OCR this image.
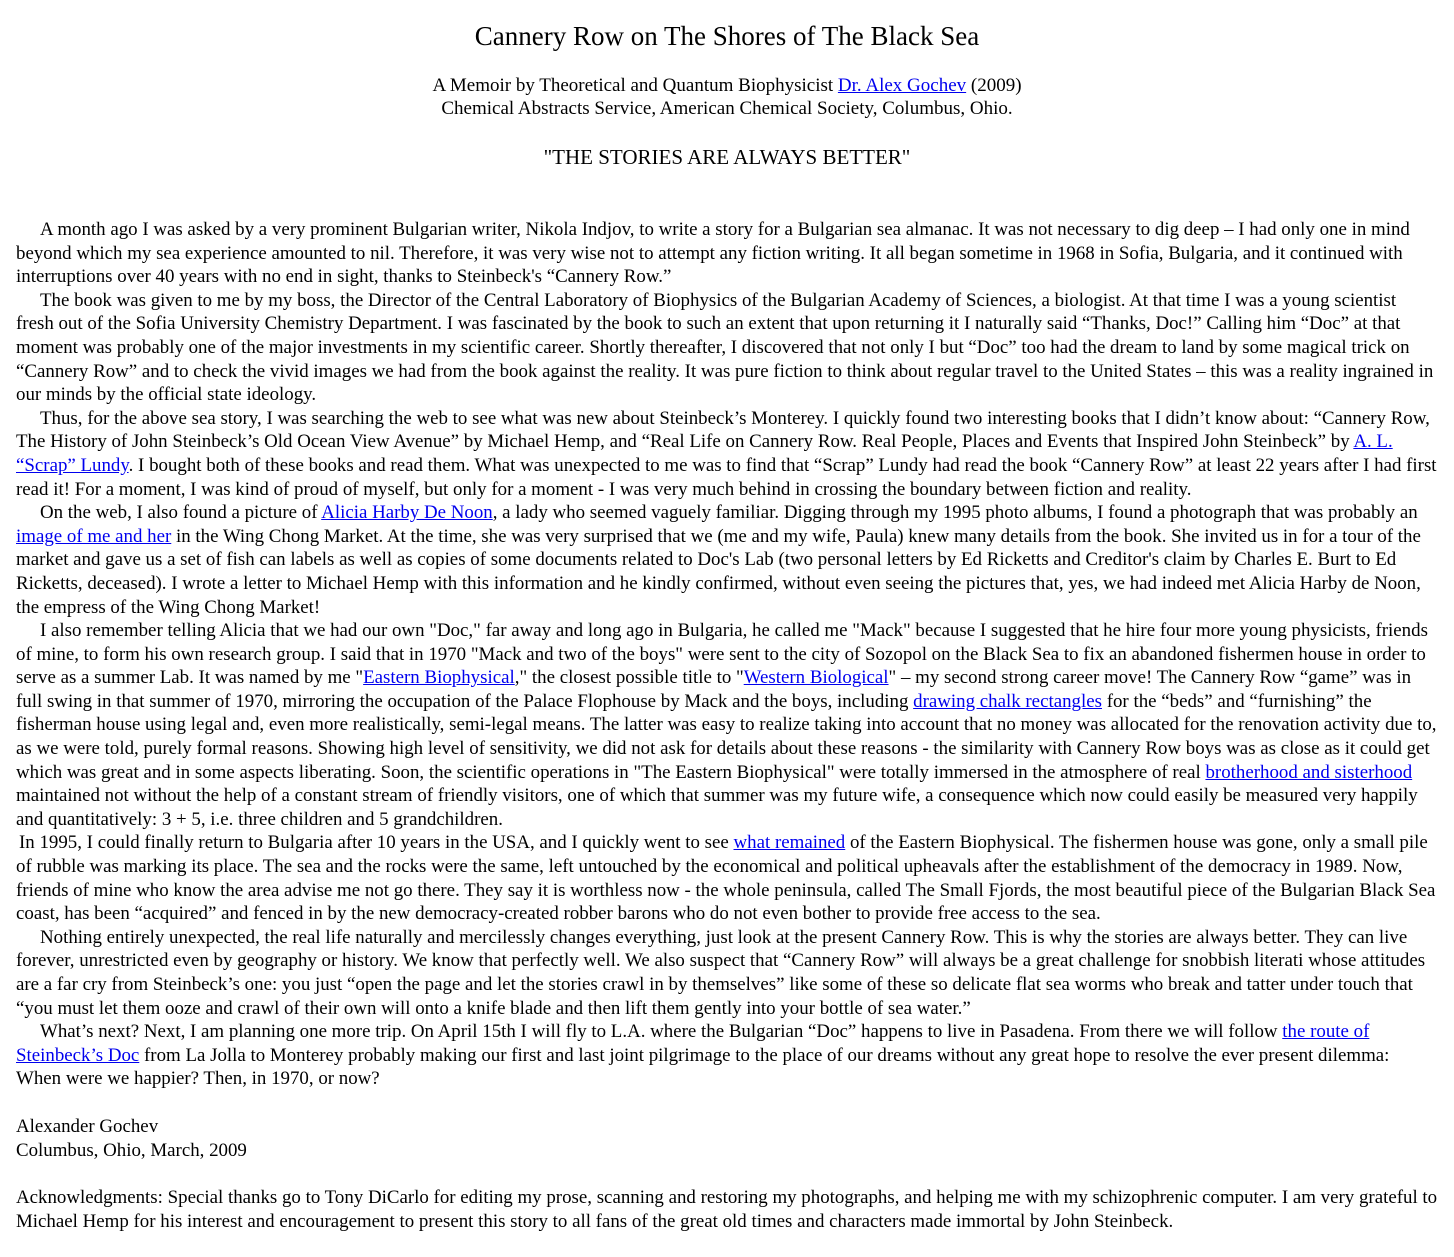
Cannery Row on The Shores of The Black Sea
A Memoir by Theoretical and Quantum Biophysicist Dr. Alex Gochev (2009)
Chemical Abstracts Service, American Chemical Society, Columbus, Ohio.
"THE STORIES ARE ALWAYS BETTER"

A month ago I was asked by a very prominent Bulgarian writer, Nikola Indjov, to write a story for a Bulgarian sea almanac. It was not necessary to dig deep – I had only one in mind beyond which my sea experience amounted to nil. Therefore, it was very wise not to attempt any fiction writing. It all began sometime in 1968 in Sofia, Bulgaria, and it continued with interruptions over 40 years with no end in sight, thanks to Steinbeck's “Cannery Row.”

The book was given to me by my boss, the Director of the Central Laboratory of Biophysics of the Bulgarian Academy of Sciences, a biologist. At that time I was a young scientist fresh out of the Sofia University Chemistry Department. I was fascinated by the book to such an extent that upon returning it I naturally said “Thanks, Doc!” Calling him “Doc” at that moment was probably one of the major investments in my scientific career. Shortly thereafter, I discovered that not only I but “Doc” too had the dream to land by some magical trick on “Cannery Row” and to check the vivid images we had from the book against the reality. It was pure fiction to think about regular travel to the United States – this was a reality ingrained in our minds by the official state ideology.

Thus, for the above sea story, I was searching the web to see what was new about Steinbeck’s Monterey. I quickly found two interesting books that I didn’t know about: “Cannery Row, The History of John Steinbeck’s Old Ocean View Avenue” by Michael Hemp, and “Real Life on Cannery Row. Real People, Places and Events that Inspired John Steinbeck” by A. L. “Scrap” Lundy. I bought both of these books and read them. What was unexpected to me was to find that “Scrap” Lundy had read the book “Cannery Row” at least 22 years after I had first read it! For a moment, I was kind of proud of myself, but only for a moment - I was very much behind in crossing the boundary between fiction and reality.

On the web, I also found a picture of Alicia Harby De Noon, a lady who seemed vaguely familiar. Digging through my 1995 photo albums, I found a photograph that was probably an image of me and her in the Wing Chong Market. At the time, she was very surprised that we (me and my wife, Paula) knew many details from the book. She invited us in for a tour of the market and gave us a set of fish can labels as well as copies of some documents related to Doc's Lab (two personal letters by Ed Ricketts and Creditor's claim by Charles E. Burt to Ed Ricketts, deceased). I wrote a letter to Michael Hemp with this information and he kindly confirmed, without even seeing the pictures that, yes, we had indeed met Alicia Harby de Noon, the empress of the Wing Chong Market!

I also remember telling Alicia that we had our own "Doc," far away and long ago in Bulgaria, he called me "Mack" because I suggested that he hire four more young physicists, friends of mine, to form his own research group. I said that in 1970 "Mack and two of the boys" were sent to the city of Sozopol on the Black Sea to fix an abandoned fishermen house in order to serve as a summer Lab. It was named by me "Eastern Biophysical," the closest possible title to "Western Biological" – my second strong career move! The Cannery Row “game” was in full swing in that summer of 1970, mirroring the occupation of the Palace Flophouse by Mack and the boys, including drawing chalk rectangles for the “beds” and “furnishing” the fisherman house using legal and, even more realistically, semi-legal means. The latter was easy to realize taking into account that no money was allocated for the renovation activity due to, as we were told, purely formal reasons. Showing high level of sensitivity, we did not ask for details about these reasons - the similarity with Cannery Row boys was as close as it could get which was great and in some aspects liberating. Soon, the scientific operations in "The Eastern Biophysical" were totally immersed in the atmosphere of real brotherhood and sisterhood maintained not without the help of a constant stream of friendly visitors, one of which that summer was my future wife, a consequence which now could easily be measured very happily and quantitatively: 3 + 5, i.e. three children and 5 grandchildren.

In 1995, I could finally return to Bulgaria after 10 years in the USA, and I quickly went to see what remained of the Eastern Biophysical. The fishermen house was gone, only a small pile of rubble was marking its place. The sea and the rocks were the same, left untouched by the economical and political upheavals after the establishment of the democracy in 1989. Now, friends of mine who know the area advise me not go there. They say it is worthless now - the whole peninsula, called The Small Fjords, the most beautiful piece of the Bulgarian Black Sea coast, has been “acquired” and fenced in by the new democracy-created robber barons who do not even bother to provide free access to the sea.

Nothing entirely unexpected, the real life naturally and mercilessly changes everything, just look at the present Cannery Row. This is why the stories are always better. They can live forever, unrestricted even by geography or history. We know that perfectly well. We also suspect that “Cannery Row” will always be a great challenge for snobbish literati whose attitudes are a far cry from Steinbeck’s one: you just “open the page and let the stories crawl in by themselves” like some of these so delicate flat sea worms who break and tatter under touch that “you must let them ooze and crawl of their own will onto a knife blade and then lift them gently into your bottle of sea water.”

What’s next? Next, I am planning one more trip. On April 15th I will fly to L.A. where the Bulgarian “Doc” happens to live in Pasadena. From there we will follow the route of Steinbeck’s Doc from La Jolla to Monterey probably making our first and last joint pilgrimage to the place of our dreams without any great hope to resolve the ever present dilemma: When were we happier? Then, in 1970, or now?

Alexander Gochev
Columbus, Ohio, March, 2009
Acknowledgments: Special thanks go to Tony DiCarlo for editing my prose, scanning and restoring my photographs, and helping me with my schizophrenic computer. I am very grateful to Michael Hemp for his interest and encouragement to present this story to all fans of the great old times and characters made immortal by John Steinbeck.
